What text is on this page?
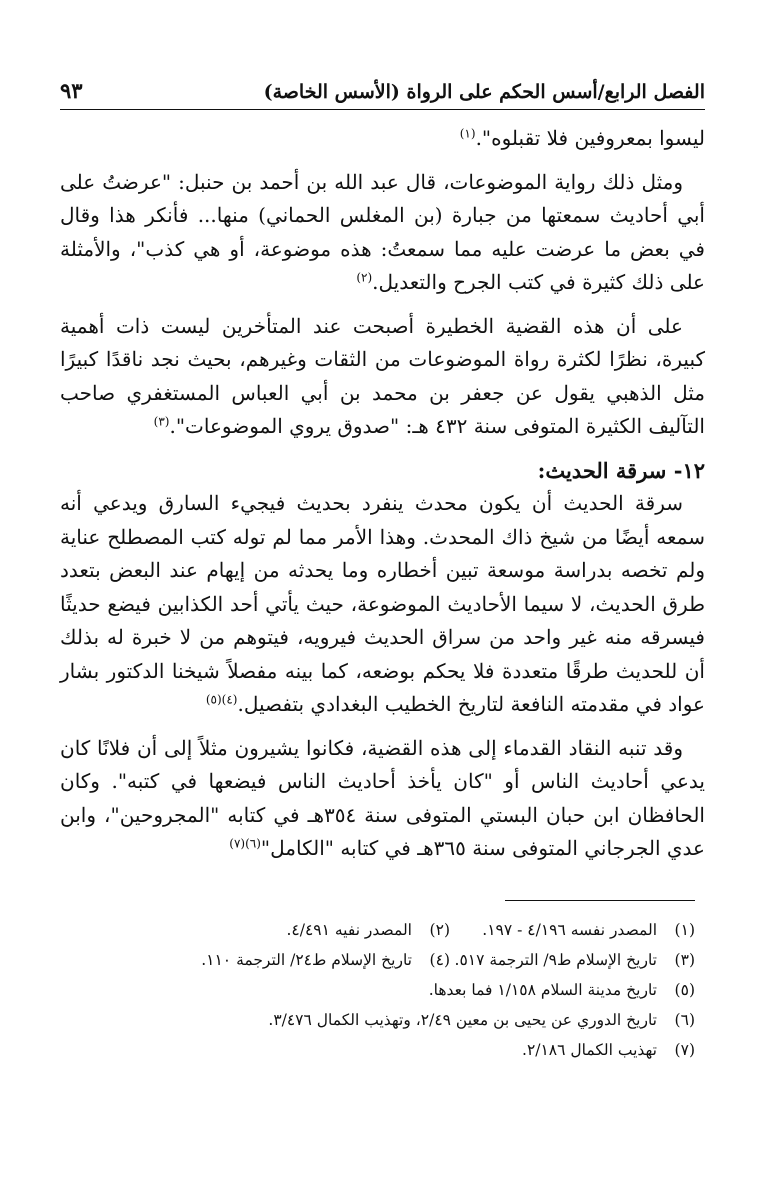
الفصل الرابع/أسس الحكم على الرواة (الأسس الخاصة)
٩٣

ليسوا بمعروفين فلا تقبلوه".$^{(١)}$

ومثل ذلك رواية الموضوعات، قال عبد الله بن أحمد بن حنبل: "عرضتُ على أبي أحاديث سمعتها من جبارة (بن المغلس الحماني) منها... فأنكر هذا وقال في بعض ما عرضت عليه مما سمعتُ: هذه موضوعة، أو هي كذب"، والأمثلة على ذلك كثيرة في كتب الجرح والتعديل.$^{(٢)}$

على أن هذه القضية الخطيرة أصبحت عند المتأخرين ليست ذات أهمية كبيرة، نظرًا لكثرة رواة الموضوعات من الثقات وغيرهم، بحيث نجد ناقدًا كبيرًا مثل الذهبي يقول عن جعفر بن محمد بن أبي العباس المستغفري صاحب التآليف الكثيرة المتوفى سنة ٤٣٢ هـ: "صدوق يروي الموضوعات".$^{(٣)}$

١٢- سرقة الحديث:

سرقة الحديث أن يكون محدث ينفرد بحديث فيجيء السارق ويدعي أنه سمعه أيضًا من شيخ ذاك المحدث. وهذا الأمر مما لم توله كتب المصطلح عناية ولم تخصه بدراسة موسعة تبين أخطاره وما يحدثه من إيهام عند البعض بتعدد طرق الحديث، لا سيما الأحاديث الموضوعة، حيث يأتي أحد الكذابين فيضع حديثًا فيسرقه منه غير واحد من سراق الحديث فيرويه، فيتوهم من لا خبرة له بذلك أن للحديث طرقًا متعددة فلا يحكم بوضعه، كما بينه مفصلاً شيخنا الدكتور بشار عواد في مقدمته النافعة لتاريخ الخطيب البغدادي بتفصيل.$^{(٤)(٥)}$

وقد تنبه النقاد القدماء إلى هذه القضية، فكانوا يشيرون مثلاً إلى أن فلانًا كان يدعي أحاديث الناس أو "كان يأخذ أحاديث الناس فيضعها في كتبه". وكان الحافظان ابن حبان البستي المتوفى سنة ٣٥٤هـ في كتابه "المجروحين"، وابن عدي الجرجاني المتوفى سنة ٣٦٥هـ في كتابه "الكامل"$^{(٦)(٧)}$

(١)
المصدر نفسه ٤/١٩٦ - ١٩٧.
(٢)
المصدر نفيه ٤/٤٩١.
(٣)
تاريخ الإسلام ط٩/ الترجمة ٥١٧.
(٤)
تاريخ الإسلام ط٢٤/ الترجمة ١١٠.
(٥)
تاريخ مدينة السلام ١/١٥٨ فما بعدها.
(٦)
تاريخ الدوري عن يحيى بن معين ٢/٤٩، وتهذيب الكمال ٣/٤٧٦.
(٧)
تهذيب الكمال ٢/١٨٦.
